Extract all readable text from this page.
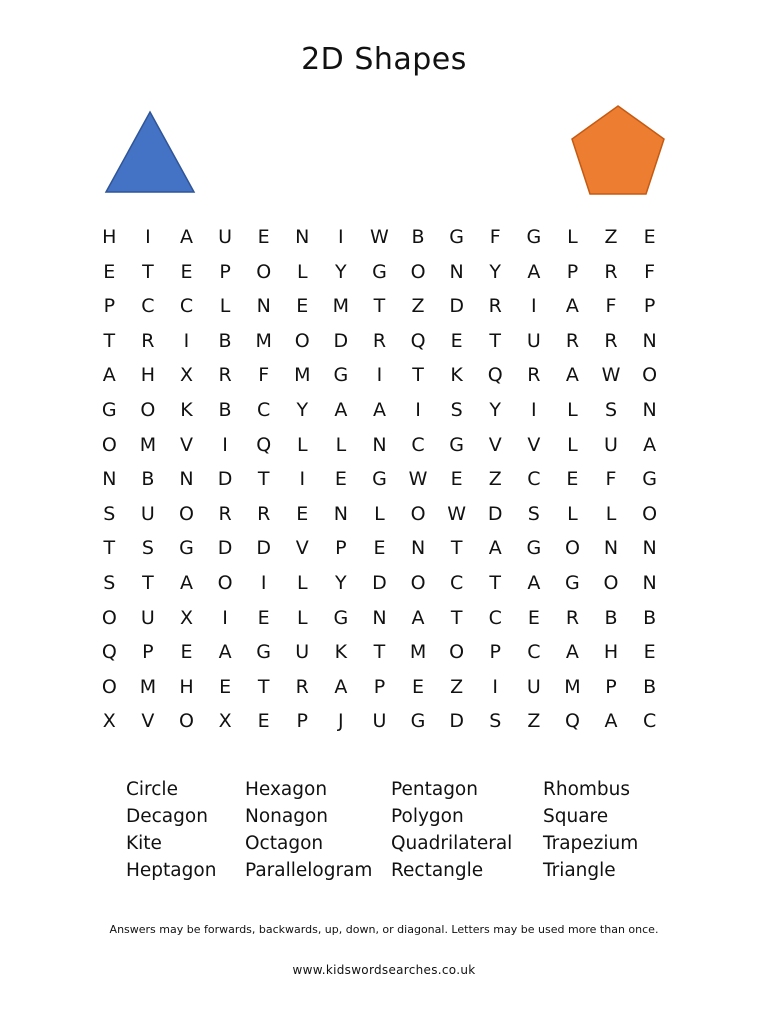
2D Shapes
H	I	A	U	E	N	I	W	B	G	F	G	L	Z	E
E	T	E	P	O	L	Y	G	O	N	Y	A	P	R	F
P	C	C	L	N	E	M	T	Z	D	R	I	A	F	P
T	R	I	B	M	O	D	R	Q	E	T	U	R	R	N
A	H	X	R	F	M	G	I	T	K	Q	R	A	W	O
G	O	K	B	C	Y	A	A	I	S	Y	I	L	S	N
O	M	V	I	Q	L	L	N	C	G	V	V	L	U	A
N	B	N	D	T	I	E	G	W	E	Z	C	E	F	G
S	U	O	R	R	E	N	L	O	W	D	S	L	L	O
T	S	G	D	D	V	P	E	N	T	A	G	O	N	N
S	T	A	O	I	L	Y	D	O	C	T	A	G	O	N
O	U	X	I	E	L	G	N	A	T	C	E	R	B	B
Q	P	E	A	G	U	K	T	M	O	P	C	A	H	E
O	M	H	E	T	R	A	P	E	Z	I	U	M	P	B
X	V	O	X	E	P	J	U	G	D	S	Z	Q	A	C
Circle	Hexagon	Pentagon	Rhombus
Decagon	Nonagon	Polygon	Square
Kite	Octagon	Quadrilateral	Trapezium
Heptagon	Parallelogram	Rectangle	Triangle
Answers may be forwards, backwards, up, down, or diagonal. Letters may be used more than once.
www.kidswordsearches.co.uk
